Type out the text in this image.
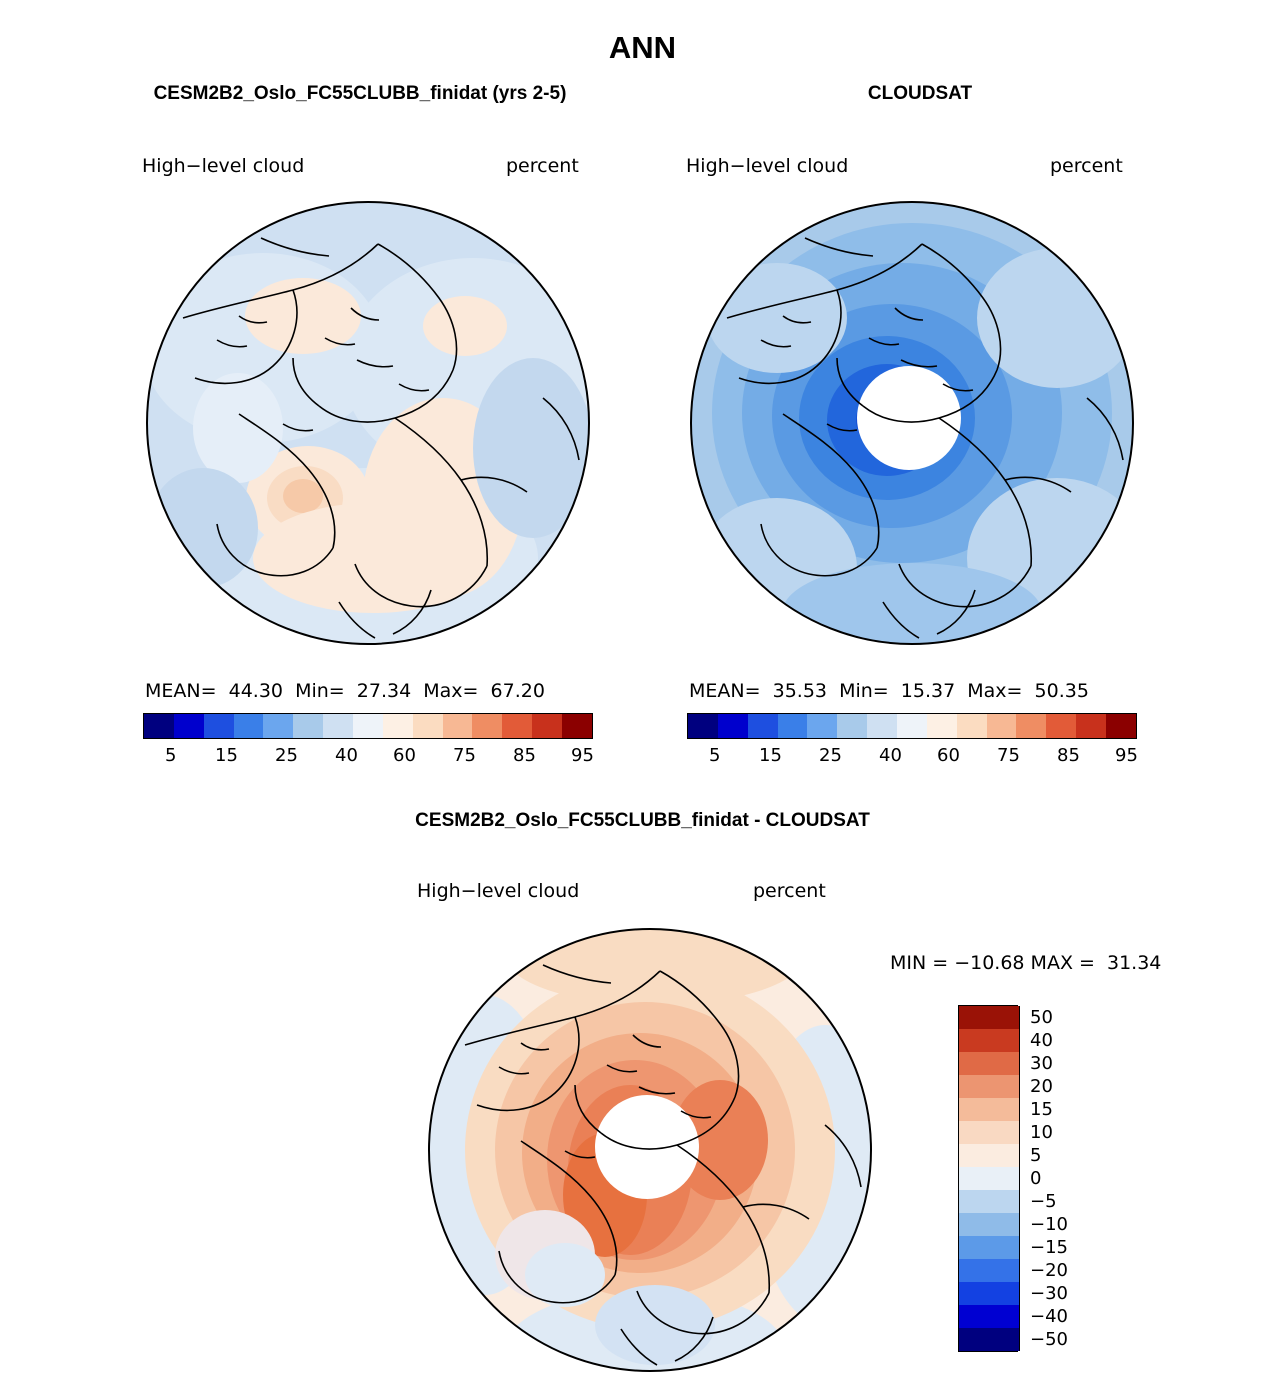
ANN
CESM2B2_Oslo_FC55CLUBB_finidat (yrs 2-5)
High−level cloud	percent
MEAN=  44.30  Min=  27.34  Max=  67.20
5 15 25 40 60 75 85 95
CLOUDSAT
High−level cloud	percent
MEAN=  35.53  Min=  15.37  Max=  50.35
5 15 25 40 60 75 85 95
CESM2B2_Oslo_FC55CLUBB_finidat - CLOUDSAT
High−level cloud	percent
MIN = −10.68 MAX =  31.34
50
40
30
20
15
10
5
0
−5
−10
−15
−20
−30
−40
−50
